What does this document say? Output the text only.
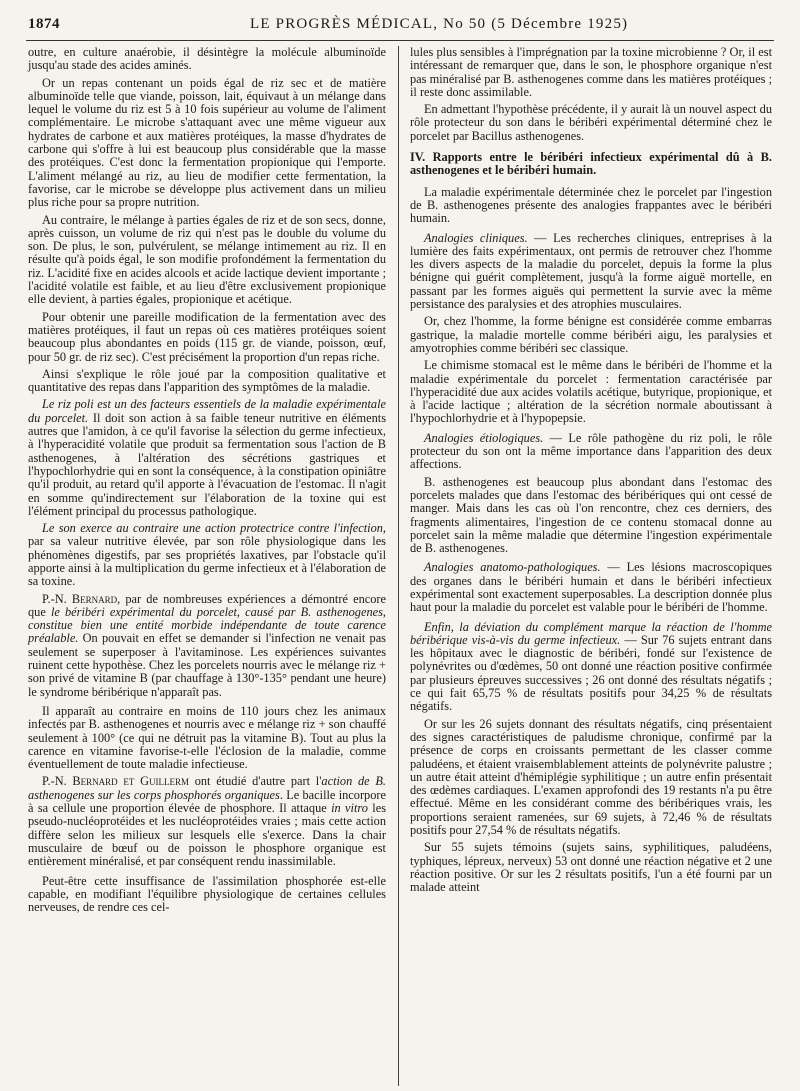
1874	LE PROGRÈS MÉDICAL, No 50 (5 Décembre 1925)

outre, en culture anaérobie, il désintègre la molécule albuminoïde jusqu'au stade des acides aminés.

Or un repas contenant un poids égal de riz sec et de matière albuminoïde telle que viande, poisson, lait, équivaut à un mélange dans lequel le volume du riz est 5 à 10 fois supérieur au volume de l'aliment complémentaire. Le microbe s'attaquant avec une même vigueur aux hydrates de carbone et aux matières protéiques, la masse d'hydrates de carbone qui s'offre à lui est beaucoup plus considérable que la masse des protéiques. C'est donc la fermentation propionique qui l'emporte. L'aliment mélangé au riz, au lieu de modifier cette fermentation, la favorise, car le microbe se développe plus activement dans un milieu plus riche pour sa propre nutrition.

Au contraire, le mélange à parties égales de riz et de son secs, donne, après cuisson, un volume de riz qui n'est pas le double du volume du son. De plus, le son, pulvérulent, se mélange intimement au riz. Il en résulte qu'à poids égal, le son modifie profondément la fermentation du riz. L'acidité fixe en acides alcools et acide lactique devient importante ; l'acidité volatile est faible, et au lieu d'être exclusivement propionique elle devient, à parties égales, propionique et acétique.

Pour obtenir une pareille modification de la fermentation avec des matières protéiques, il faut un repas où ces matières protéiques soient beaucoup plus abondantes en poids (115 gr. de viande, poisson, œuf, pour 50 gr. de riz sec). C'est précisément la proportion d'un repas riche.

Ainsi s'explique le rôle joué par la composition qualitative et quantitative des repas dans l'apparition des symptômes de la maladie.

Le riz poli est un des facteurs essentiels de la maladie expérimentale du porcelet. Il doit son action à sa faible teneur nutritive en éléments autres que l'amidon, à ce qu'il favorise la sélection du germe infectieux, à l'hyperacidité volatile que produit sa fermentation sous l'action de B asthenogenes, à l'altération des sécrétions gastriques et l'hypochlorhydrie qui en sont la conséquence, à la constipation opiniâtre qu'il produit, au retard qu'il apporte à l'évacuation de l'estomac. Il n'agit en somme qu'indirectement sur l'élaboration de la toxine qui est l'élément principal du processus pathologique.

Le son exerce au contraire une action protectrice contre l'infection, par sa valeur nutritive élevée, par son rôle physiologique dans les phénomènes digestifs, par ses propriétés laxatives, par l'obstacle qu'il apporte ainsi à la multiplication du germe infectieux et à l'élaboration de sa toxine.

P.-N. Bernard, par de nombreuses expériences a démontré encore que le béribéri expérimental du porcelet, causé par B. asthenogenes, constitue bien une entité morbide indépendante de toute carence préalable. On pouvait en effet se demander si l'infection ne venait pas seulement se superposer à l'avitaminose. Les expériences suivantes ruinent cette hypothèse. Chez les porcelets nourris avec le mélange riz + son privé de vitamine B (par chauffage à 130°-135° pendant une heure) le syndrome béribérique n'apparaît pas.

Il apparaît au contraire en moins de 110 jours chez les animaux infectés par B. asthenogenes et nourris avec e mélange riz + son chauffé seulement à 100° (ce qui ne détruit pas la vitamine B). Tout au plus la carence en vitamine favorise-t-elle l'éclosion de la maladie, comme éventuellement de toute maladie infectieuse.

P.-N. Bernard et Guillerm ont étudié d'autre part l'action de B. asthenogenes sur les corps phosphorés organiques. Le bacille incorpore à sa cellule une proportion élevée de phosphore. Il attaque in vitro les pseudo-nucléoprotéides et les nucléoprotéides vraies ; mais cette action diffère selon les milieux sur lesquels elle s'exerce. Dans la chair musculaire de bœuf ou de poisson le phosphore organique est entièrement minéralisé, et par conséquent rendu inassimilable.

Peut-être cette insuffisance de l'assimilation phosphorée est-elle capable, en modifiant l'équilibre physiologique de certaines cellules nerveuses, de rendre ces cel-

lules plus sensibles à l'imprégnation par la toxine microbienne ? Or, il est intéressant de remarquer que, dans le son, le phosphore organique n'est pas minéralisé par B. asthenogenes comme dans les matières protéiques ; il reste donc assimilable.

En admettant l'hypothèse précédente, il y aurait là un nouvel aspect du rôle protecteur du son dans le béribéri expérimental déterminé chez le porcelet par Bacillus asthenogenes.

IV. Rapports entre le béribéri infectieux expérimental dû à B. asthenogenes et le béribéri humain.

La maladie expérimentale déterminée chez le porcelet par l'ingestion de B. asthenogenes présente des analogies frappantes avec le béribéri humain.

Analogies cliniques. — Les recherches cliniques, entreprises à la lumière des faits expérimentaux, ont permis de retrouver chez l'homme les divers aspects de la maladie du porcelet, depuis la forme la plus bénigne qui guérit complètement, jusqu'à la forme aiguë mortelle, en passant par les formes aiguës qui permettent la survie avec la même persistance des paralysies et des atrophies musculaires.

Or, chez l'homme, la forme bénigne est considérée comme embarras gastrique, la maladie mortelle comme béribéri aigu, les paralysies et amyotrophies comme béribéri sec classique.

Le chimisme stomacal est le même dans le béribéri de l'homme et la maladie expérimentale du porcelet : fermentation caractérisée par l'hyperacidité due aux acides volatils acétique, butyrique, propionique, et à l'acide lactique ; altération de la sécrétion normale aboutissant à l'hypochlorhydrie et à l'hypopepsie.

Analogies étiologiques. — Le rôle pathogène du riz poli, le rôle protecteur du son ont la même importance dans l'apparition des deux affections.

B. asthenogenes est beaucoup plus abondant dans l'estomac des porcelets malades que dans l'estomac des béribériques qui ont cessé de manger. Mais dans les cas où l'on rencontre, chez ces derniers, des fragments alimentaires, l'ingestion de ce contenu stomacal donne au porcelet sain la même maladie que détermine l'ingestion expérimentale de B. asthenogenes.

Analogies anatomo-pathologiques. — Les lésions macroscopiques des organes dans le béribéri humain et dans le béribéri infectieux expérimental sont exactement superposables. La description donnée plus haut pour la maladie du porcelet est valable pour le béribéri de l'homme.

Enfin, la déviation du complément marque la réaction de l'homme béribérique vis-à-vis du germe infectieux. — Sur 76 sujets entrant dans les hôpitaux avec le diagnostic de béribéri, fondé sur l'existence de polynévrites ou d'œdèmes, 50 ont donné une réaction positive confirmée par plusieurs épreuves successives ; 26 ont donné des résultats négatifs ; ce qui fait 65,75 % de résultats positifs pour 34,25 % de résultats négatifs.

Or sur les 26 sujets donnant des résultats négatifs, cinq présentaient des signes caractéristiques de paludisme chronique, confirmé par la présence de corps en croissants permettant de les classer comme paludéens, et étaient vraisemblablement atteints de polynévrite palustre ; un autre était atteint d'hémiplégie syphilitique ; un autre enfin présentait des œdèmes cardiaques. L'examen approfondi des 19 restants n'a pu être effectué. Même en les considérant comme des béribériques vrais, les proportions seraient ramenées, sur 69 sujets, à 72,46 % de résultats positifs pour 27,54 % de résultats négatifs.

Sur 55 sujets témoins (sujets sains, syphilitiques, paludéens, typhiques, lépreux, nerveux) 53 ont donné une réaction négative et 2 une réaction positive. Or sur les 2 résultats positifs, l'un a été fourni par un malade atteint
